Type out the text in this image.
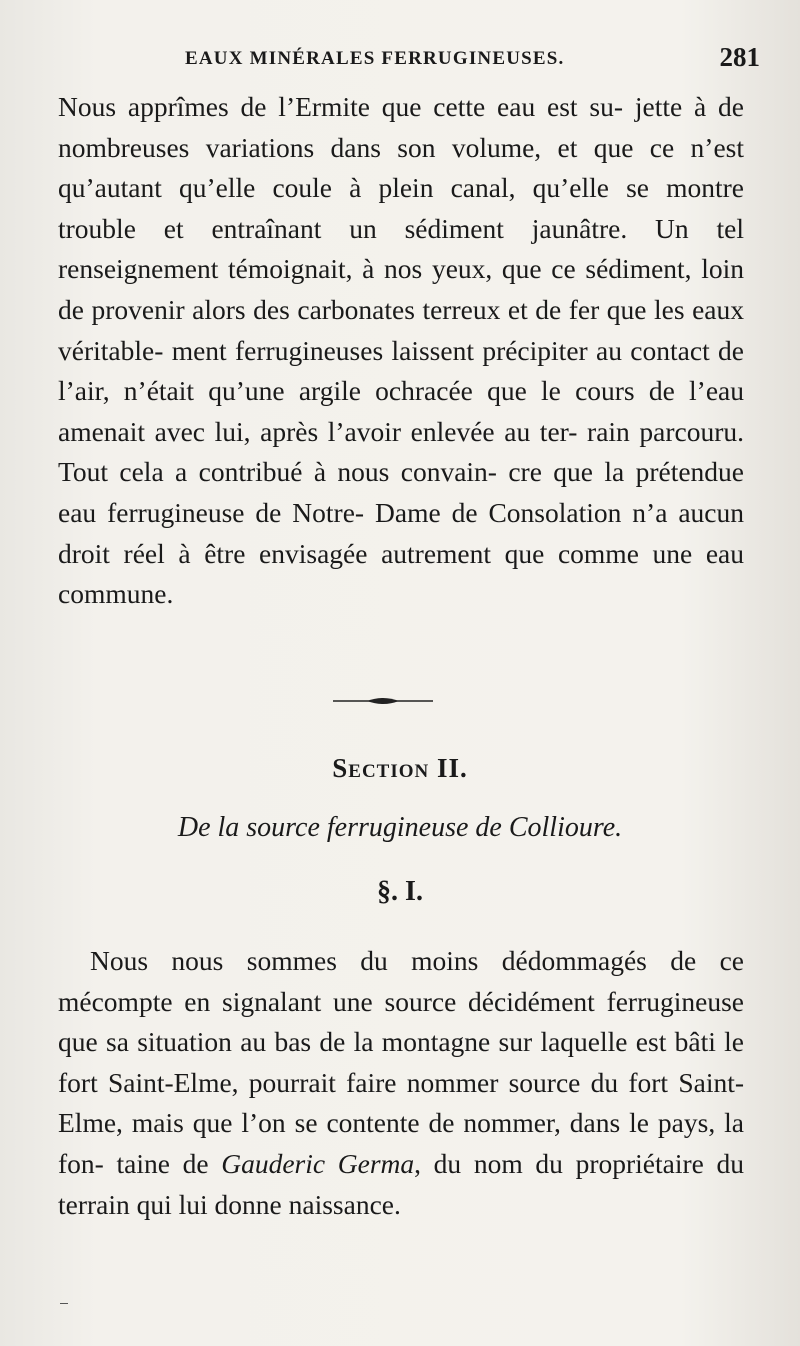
EAUX MINÉRALES FERRUGINEUSES.	281

Nous apprîmes de l’Ermite que cette eau est su- jette à de nombreuses variations dans son volume, et que ce n’est qu’autant qu’elle coule à plein canal, qu’elle se montre trouble et entraînant un sédiment jaunâtre. Un tel renseignement témoignait, à nos yeux, que ce sédiment, loin de provenir alors des carbonates terreux et de fer que les eaux véritable- ment ferrugineuses laissent précipiter au contact de l’air, n’était qu’une argile ochracée que le cours de l’eau amenait avec lui, après l’avoir enlevée au ter- rain parcouru. Tout cela a contribué à nous convain- cre que la prétendue eau ferrugineuse de Notre- Dame de Consolation n’a aucun droit réel à être envisagée autrement que comme une eau commune.

Section II.
De la source ferrugineuse de Collioure.
§. I.

Nous nous sommes du moins dédommagés de ce mécompte en signalant une source décidément ferrugineuse que sa situation au bas de la montagne sur laquelle est bâti le fort Saint-Elme, pourrait faire nommer source du fort Saint-Elme, mais que l’on se contente de nommer, dans le pays, la fon- taine de Gauderic Germa, du nom du propriétaire du terrain qui lui donne naissance.
